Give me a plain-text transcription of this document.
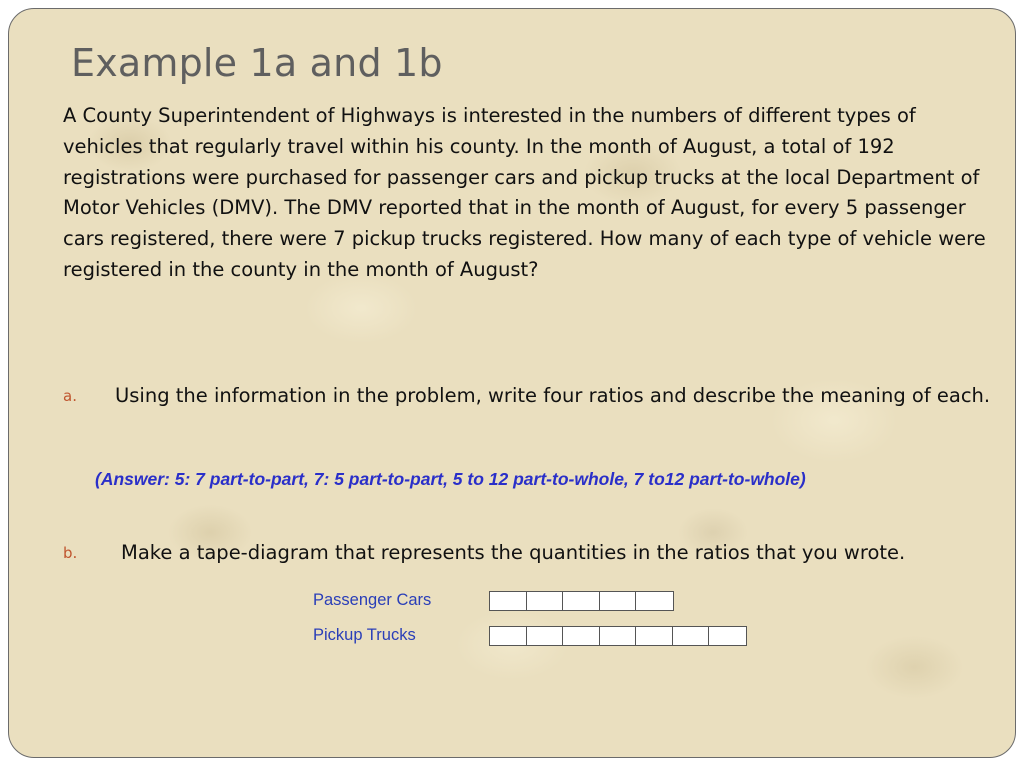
Example 1a and 1b

A County Superintendent of Highways is interested in the numbers of different types of vehicles that regularly travel within his county. In the month of August, a total of 192 registrations were purchased for passenger cars and pickup trucks at the local Department of Motor Vehicles (DMV). The DMV reported that in the month of August, for every 5 passenger cars registered, there were 7 pickup trucks registered. How many of each type of vehicle were registered in the county in the month of August?

a. Using the information in the problem, write four ratios and describe the meaning of each.
(Answer: 5: 7 part-to-part, 7: 5 part-to-part, 5 to 12 part-to-whole, 7 to12 part-to-whole)
b. Make a tape-diagram that represents the quantities in the ratios that you wrote.
Passenger Cars
Pickup Trucks
